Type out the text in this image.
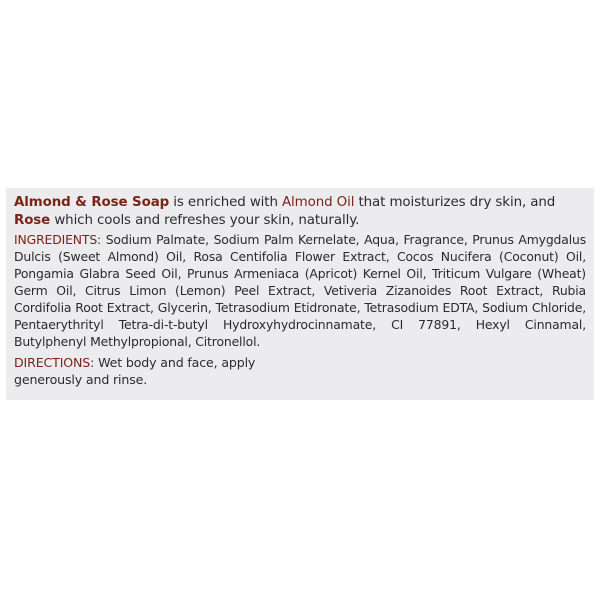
Almond & Rose Soap is enriched with Almond Oil that moisturizes dry skin, and Rose which cools and refreshes your skin, naturally.

INGREDIENTS: Sodium Palmate, Sodium Palm Kernelate, Aqua, Fragrance, Prunus Amygdalus Dulcis (Sweet Almond) Oil, Rosa Centifolia Flower Extract, Cocos Nucifera (Coconut) Oil, Pongamia Glabra Seed Oil, Prunus Armeniaca (Apricot) Kernel Oil, Triticum Vulgare (Wheat) Germ Oil, Citrus Limon (Lemon) Peel Extract, Vetiveria Zizanoides Root Extract, Rubia Cordifolia Root Extract, Glycerin, Tetrasodium Etidronate, Tetrasodium EDTA, Sodium Chloride, Pentaerythrityl Tetra-di-t-butyl Hydroxyhydrocinnamate, CI 77891, Hexyl Cinnamal, Butylphenyl Methylpropional, Citronellol.

DIRECTIONS: Wet body and face, apply generously and rinse.
